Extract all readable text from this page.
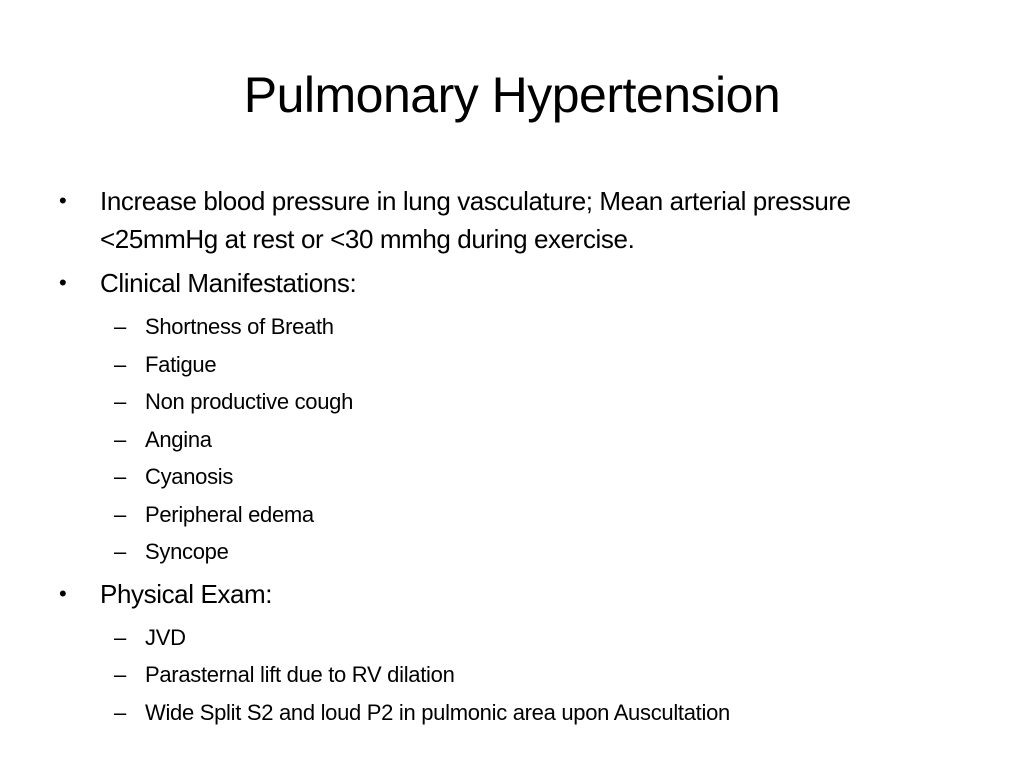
Pulmonary Hypertension
• Increase blood pressure in lung vasculature; Mean arterial pressure <25mmHg at rest or <30 mmhg during exercise.
• Clinical Manifestations:
– Shortness of Breath
– Fatigue
– Non productive cough
– Angina
– Cyanosis
– Peripheral edema
– Syncope
• Physical Exam:
– JVD
– Parasternal lift due to RV dilation
– Wide Split S2 and loud P2 in pulmonic area upon Auscultation
